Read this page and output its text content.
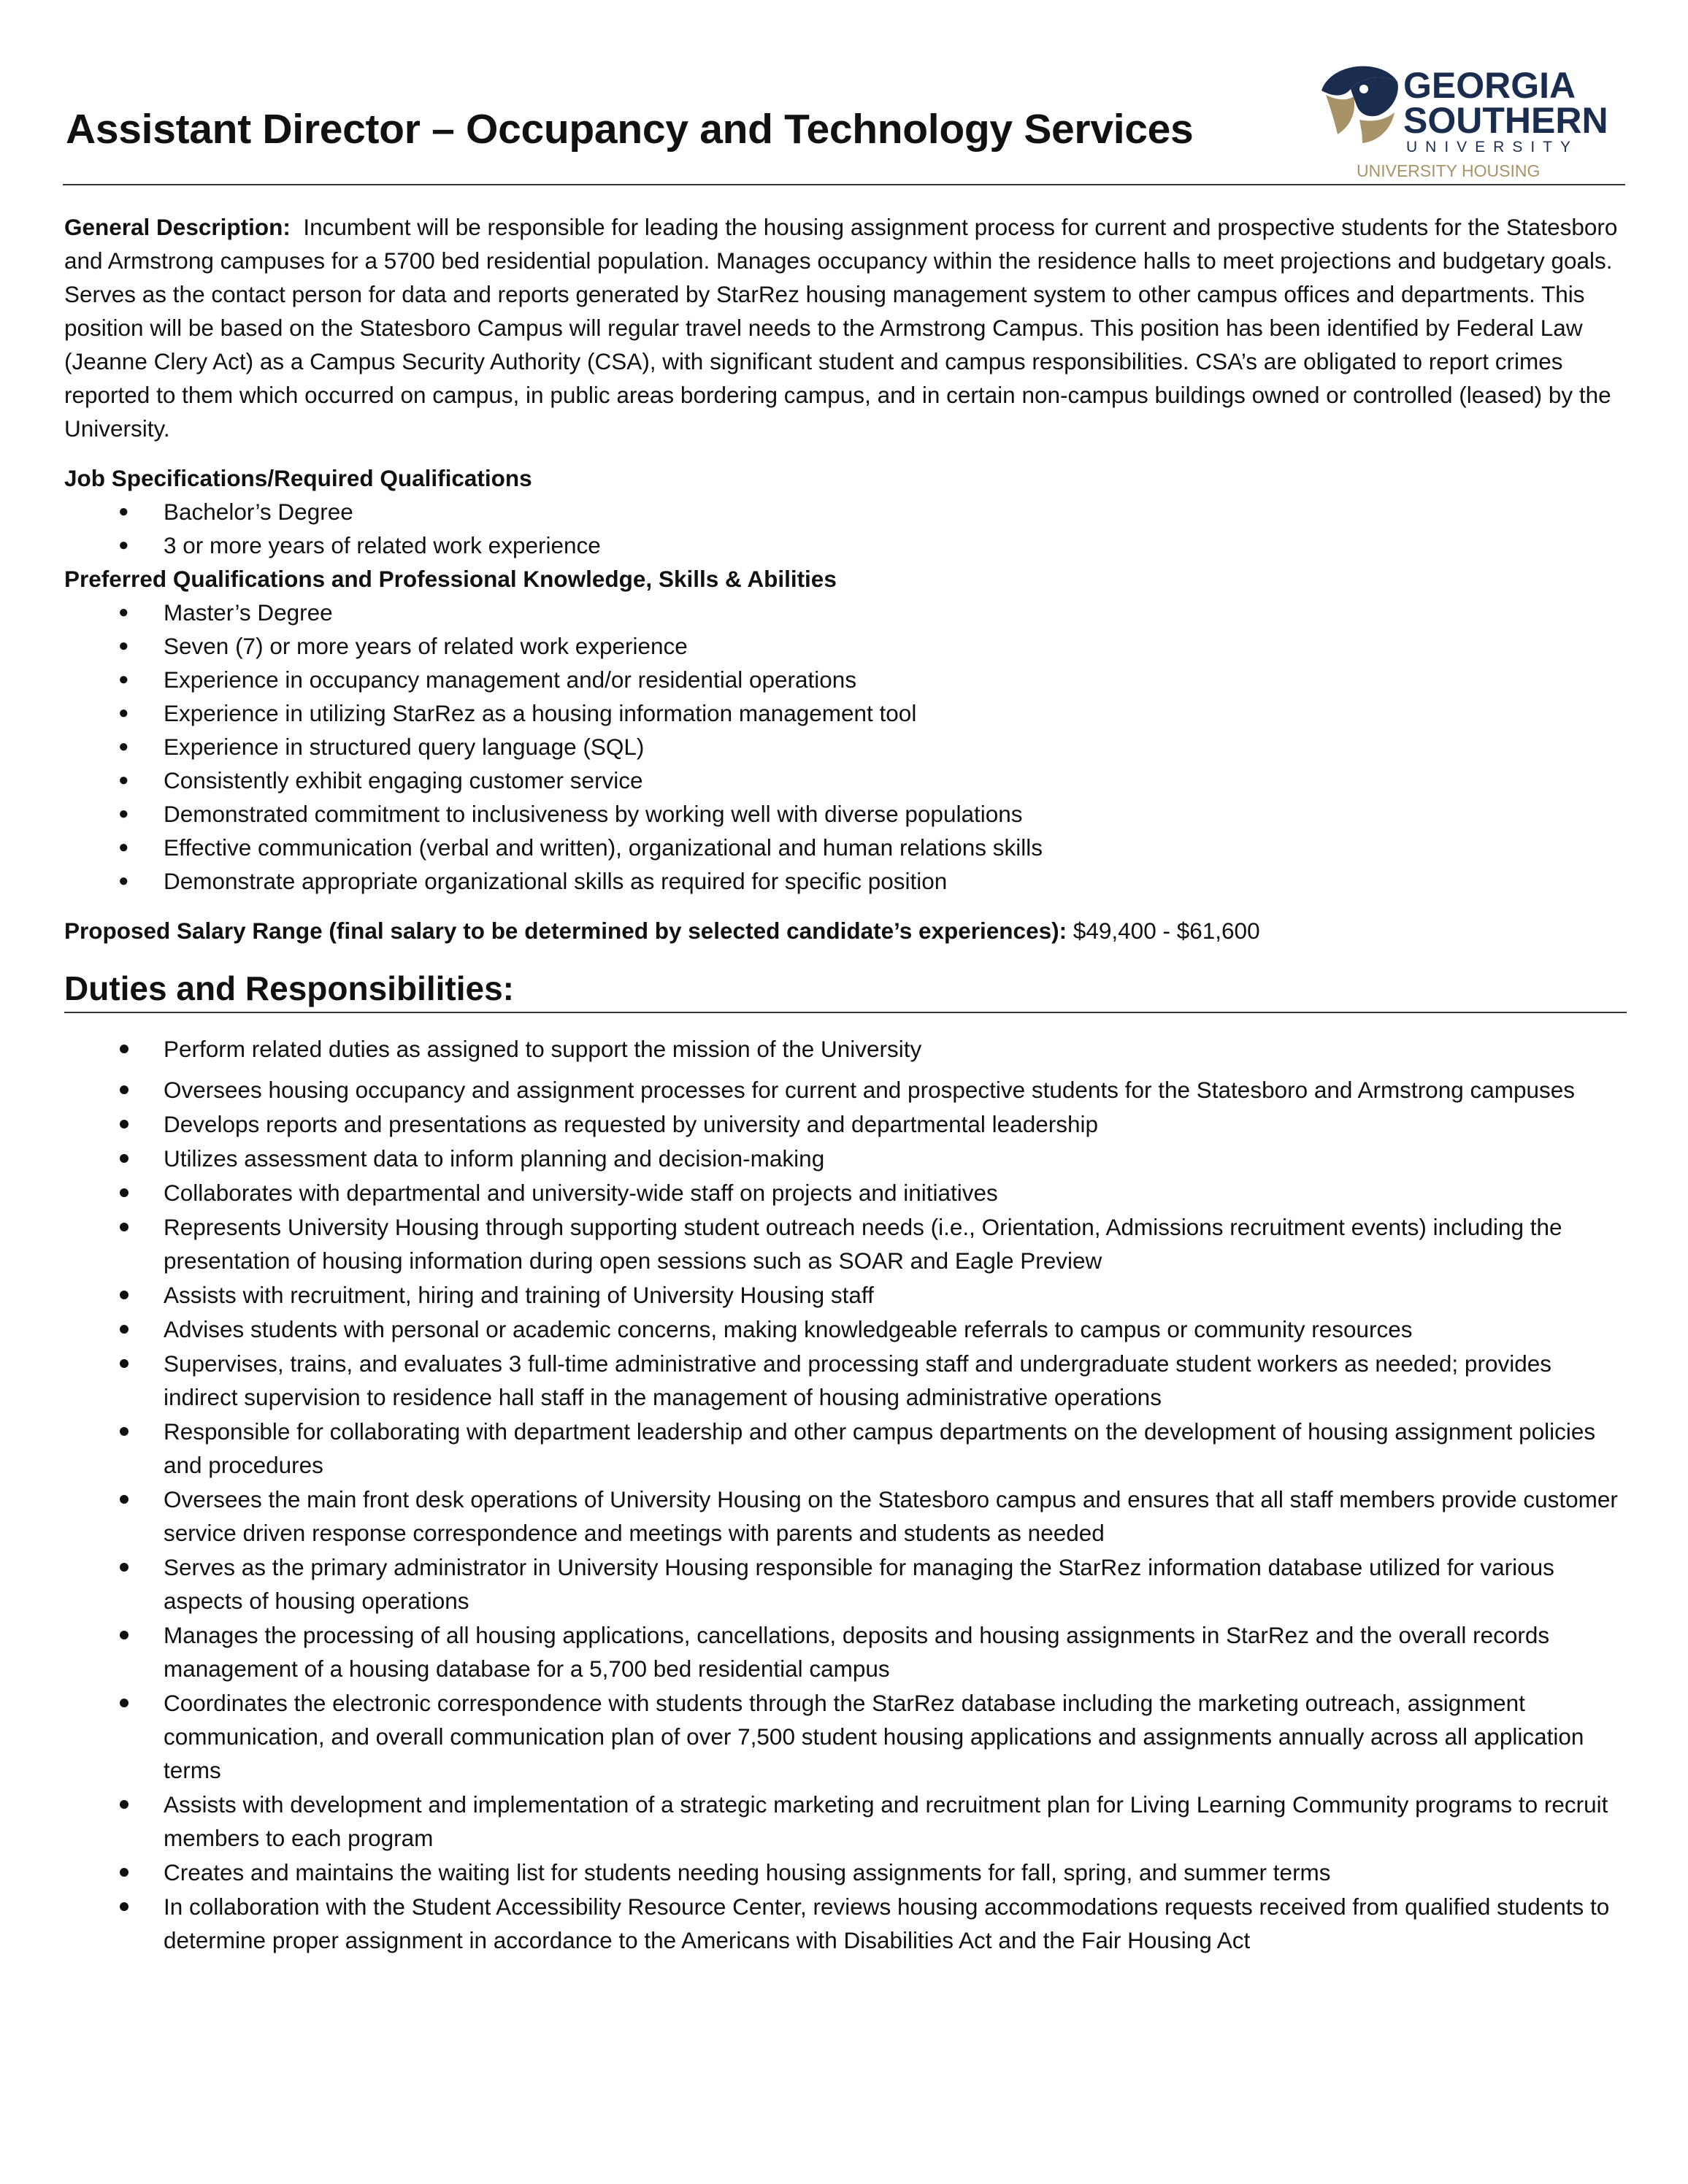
Assistant Director – Occupancy and Technology Services
GEORGIA
SOUTHERN
UNIVERSITY
UNIVERSITY HOUSING

General Description: Incumbent will be responsible for leading the housing assignment process for current and prospective students for the Statesboro and Armstrong campuses for a 5700 bed residential population. Manages occupancy within the residence halls to meet projections and budgetary goals. Serves as the contact person for data and reports generated by StarRez housing management system to other campus offices and departments. This position will be based on the Statesboro Campus will regular travel needs to the Armstrong Campus. This position has been identified by Federal Law (Jeanne Clery Act) as a Campus Security Authority (CSA), with significant student and campus responsibilities. CSA’s are obligated to report crimes reported to them which occurred on campus, in public areas bordering campus, and in certain non-campus buildings owned or controlled (leased) by the University.

Job Specifications/Required Qualifications

● Bachelor’s Degree
● 3 or more years of related work experience

Preferred Qualifications and Professional Knowledge, Skills & Abilities

● Master’s Degree
● Seven (7) or more years of related work experience
● Experience in occupancy management and/or residential operations
● Experience in utilizing StarRez as a housing information management tool
● Experience in structured query language (SQL)
● Consistently exhibit engaging customer service
● Demonstrated commitment to inclusiveness by working well with diverse populations
● Effective communication (verbal and written), organizational and human relations skills
● Demonstrate appropriate organizational skills as required for specific position

Proposed Salary Range (final salary to be determined by selected candidate’s experiences): $49,400 - $61,600

Duties and Responsibilities:
Perform related duties as assigned to support the mission of the University
Oversees housing occupancy and assignment processes for current and prospective students for the Statesboro and Armstrong campuses
Develops reports and presentations as requested by university and departmental leadership
Utilizes assessment data to inform planning and decision-making
Collaborates with departmental and university-wide staff on projects and initiatives
Represents University Housing through supporting student outreach needs (i.e., Orientation, Admissions recruitment events) including the presentation of housing information during open sessions such as SOAR and Eagle Preview
Assists with recruitment, hiring and training of University Housing staff
Advises students with personal or academic concerns, making knowledgeable referrals to campus or community resources
Supervises, trains, and evaluates 3 full-time administrative and processing staff and undergraduate student workers as needed; provides indirect supervision to residence hall staff in the management of housing administrative operations
Responsible for collaborating with department leadership and other campus departments on the development of housing assignment policies and procedures
Oversees the main front desk operations of University Housing on the Statesboro campus and ensures that all staff members provide customer service driven response correspondence and meetings with parents and students as needed
Serves as the primary administrator in University Housing responsible for managing the StarRez information database utilized for various aspects of housing operations
Manages the processing of all housing applications, cancellations, deposits and housing assignments in StarRez and the overall records management of a housing database for a 5,700 bed residential campus
Coordinates the electronic correspondence with students through the StarRez database including the marketing outreach, assignment communication, and overall communication plan of over 7,500 student housing applications and assignments annually across all application terms
Assists with development and implementation of a strategic marketing and recruitment plan for Living Learning Community programs to recruit members to each program
Creates and maintains the waiting list for students needing housing assignments for fall, spring, and summer terms
In collaboration with the Student Accessibility Resource Center, reviews housing accommodations requests received from qualified students to determine proper assignment in accordance to the Americans with Disabilities Act and the Fair Housing Act
